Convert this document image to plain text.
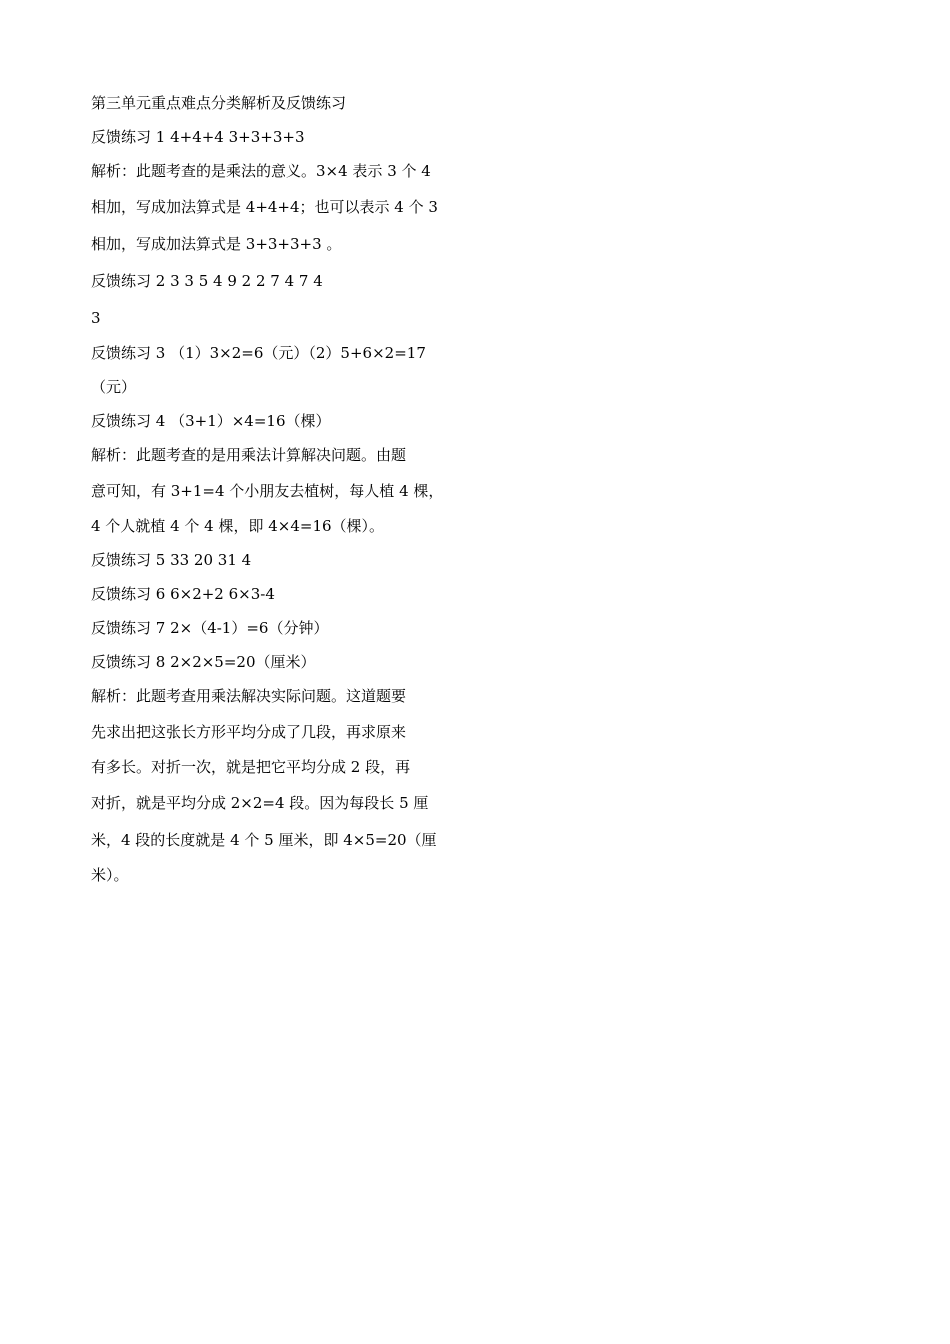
第三单元重点难点分类解析及反馈练习
反馈练习 1 4+4+4 3+3+3+3
解析：此题考查的是乘法的意义。3×4 表示 3 个 4
相加，写成加法算式是 4+4+4；也可以表示 4 个 3
相加，写成加法算式是 3+3+3+3 。
反馈练习 2 3 3 5 4 9 2 2 7 4 7 4
3
反馈练习 3 （1）3×2=6（元）（2）5+6×2=17
（元）
反馈练习 4 （3+1）×4=16（棵）
解析：此题考查的是用乘法计算解决问题。由题
意可知，有 3+1=4 个小朋友去植树，每人植 4 棵，
4 个人就植 4 个 4 棵，即 4×4=16（棵）。
反馈练习 5 33 20 31 4
反馈练习 6 6×2+2 6×3-4
反馈练习 7 2×（4-1）=6（分钟）
反馈练习 8 2×2×5=20（厘米）
解析：此题考查用乘法解决实际问题。这道题要
先求出把这张长方形平均分成了几段，再求原来
有多长。对折一次，就是把它平均分成 2 段，再
对折，就是平均分成 2×2=4 段。因为每段长 5 厘
米，4 段的长度就是 4 个 5 厘米，即 4×5=20（厘
米）。
